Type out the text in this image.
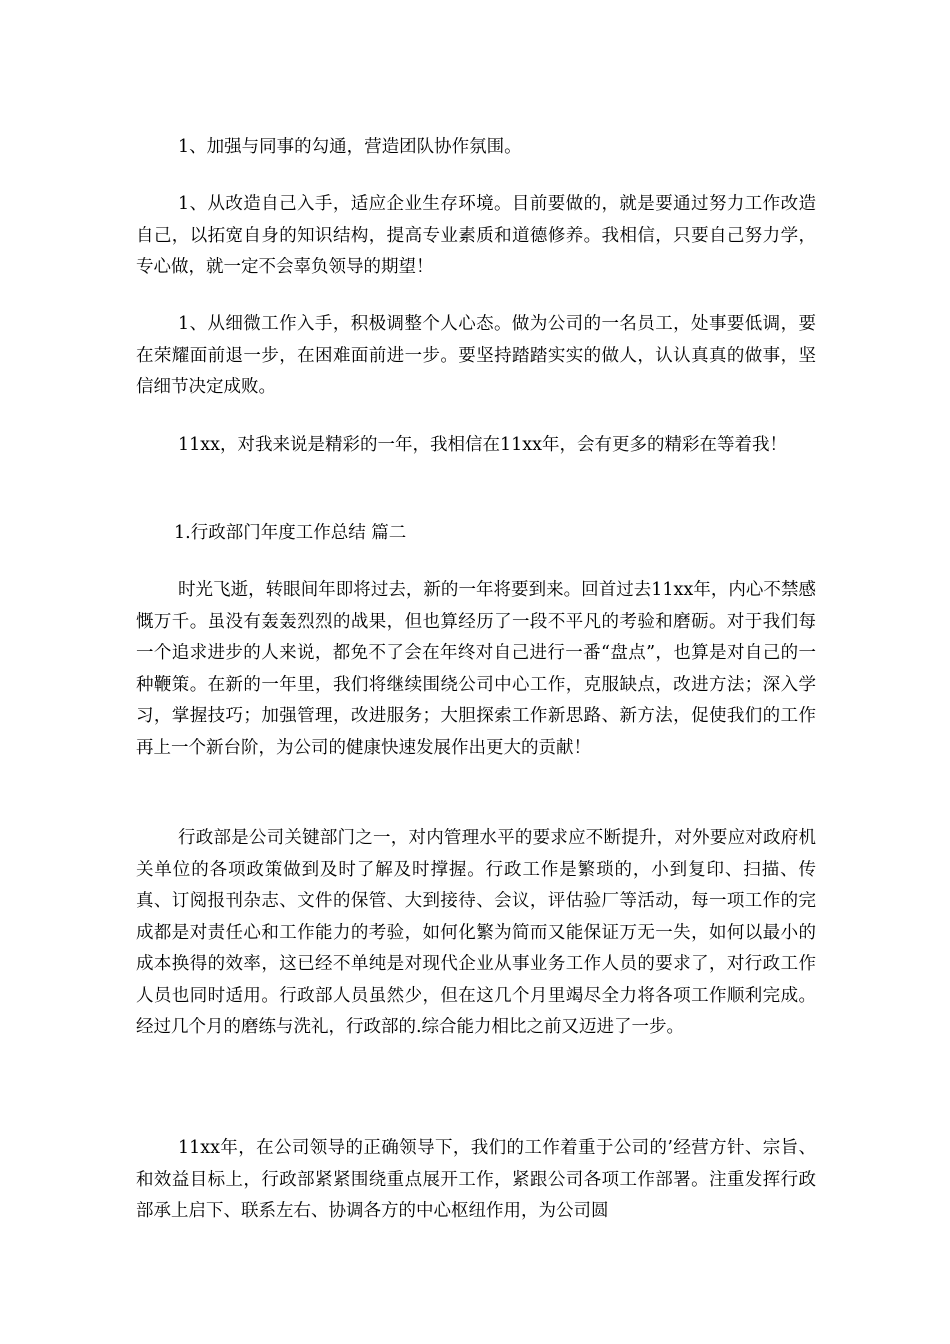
1、加强与同事的勾通，营造团队协作氛围。

1、从改造自己入手，适应企业生存环境。目前要做的，就是要通过努力工作改造自己，以拓宽自身的知识结构，提高专业素质和道德修养。我相信，只要自己努力学，专心做，就一定不会辜负领导的期望！

1、从细微工作入手，积极调整个人心态。做为公司的一名员工，处事要低调，要在荣耀面前退一步，在困难面前进一步。要坚持踏踏实实的做人，认认真真的做事，坚信细节决定成败。

11xx，对我来说是精彩的一年，我相信在11xx年，会有更多的精彩在等着我！

1.行政部门年度工作总结 篇二

时光飞逝，转眼间年即将过去，新的一年将要到来。回首过去11xx年，内心不禁感慨万千。虽没有轰轰烈烈的战果，但也算经历了一段不平凡的考验和磨砺。对于我们每一个追求进步的人来说，都免不了会在年终对自己进行一番“盘点”，也算是对自己的一种鞭策。在新的一年里，我们将继续围绕公司中心工作，克服缺点，改进方法；深入学习，掌握技巧；加强管理，改进服务；大胆探索工作新思路、新方法，促使我们的工作再上一个新台阶，为公司的健康快速发展作出更大的贡献！

行政部是公司关键部门之一，对内管理水平的要求应不断提升，对外要应对政府机关单位的各项政策做到及时了解及时撑握。行政工作是繁琐的，小到复印、扫描、传真、订阅报刊杂志、文件的保管、大到接待、会议，评估验厂等活动，每一项工作的完成都是对责任心和工作能力的考验，如何化繁为简而又能保证万无一失，如何以最小的成本换得的效率，这已经不单纯是对现代企业从事业务工作人员的要求了，对行政工作人员也同时适用。行政部人员虽然少，但在这几个月里竭尽全力将各项工作顺利完成。经过几个月的磨练与洗礼，行政部的.综合能力相比之前又迈进了一步。

11xx年，在公司领导的正确领导下，我们的工作着重于公司的’经营方针、宗旨、和效益目标上，行政部紧紧围绕重点展开工作，紧跟公司各项工作部署。注重发挥行政部承上启下、联系左右、协调各方的中心枢纽作用，为公司圆
